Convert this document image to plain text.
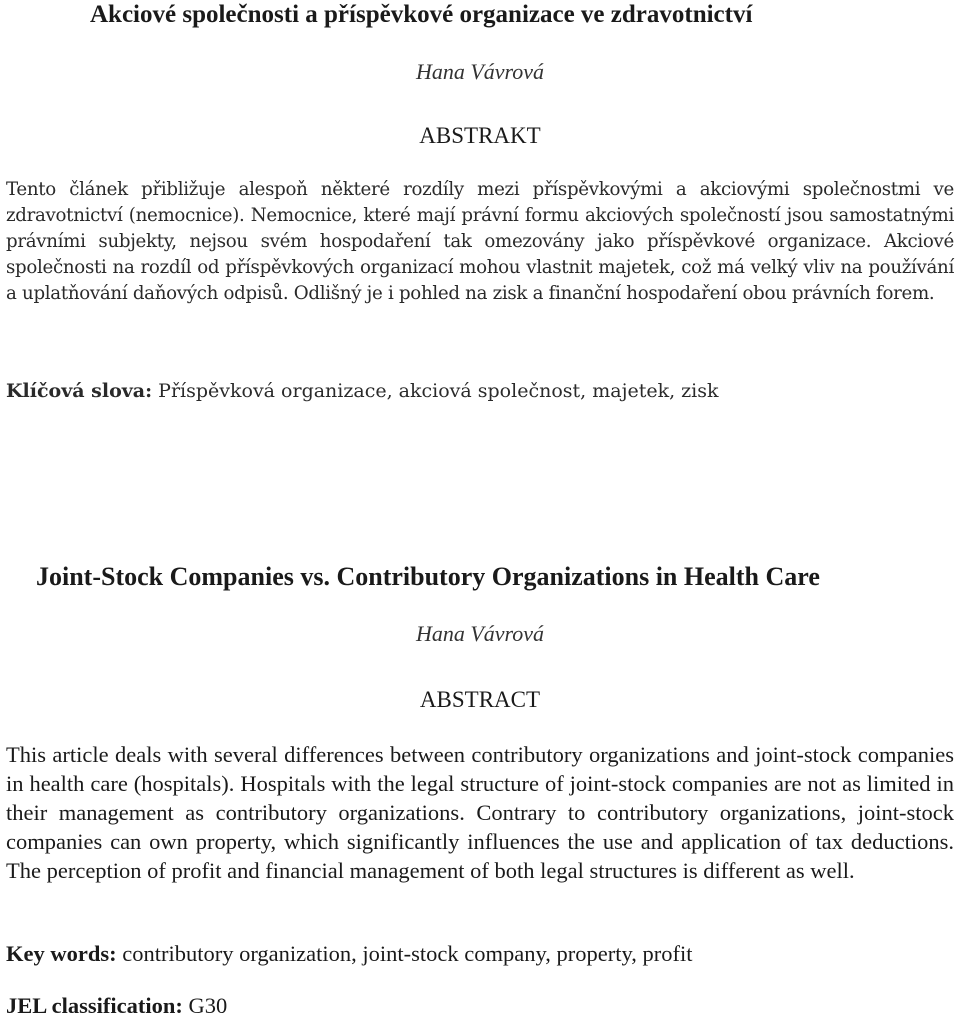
Akciové společnosti a příspěvkové organizace ve zdravotnictví
Hana Vávrová
ABSTRAKT

Tento článek přibližuje alespoň některé rozdíly mezi příspěvkovými a akciovými společnostmi ve zdravotnictví (nemocnice). Nemocnice, které mají právní formu akciových společností jsou samostatnými právními subjekty, nejsou svém hospodaření tak omezovány jako příspěvkové organizace. Akciové společnosti na rozdíl od příspěvkových organizací mohou vlastnit majetek, což má velký vliv na používání a uplatňování daňových odpisů. Odlišný je i pohled na zisk a finanční hospodaření obou právních forem.

Klíčová slova: Příspěvková organizace, akciová společnost, majetek, zisk
Joint-Stock Companies vs. Contributory Organizations in Health Care
Hana Vávrová
ABSTRACT

This article deals with several differences between contributory organizations and joint-stock companies in health care (hospitals). Hospitals with the legal structure of joint-stock companies are not as limited in their management as contributory organizations. Contrary to contributory organizations, joint-stock companies can own property, which significantly influences the use and application of tax deductions. The perception of profit and financial management of both legal structures is different as well.

Key words: contributory organization, joint-stock company, property, profit
JEL classification: G30
